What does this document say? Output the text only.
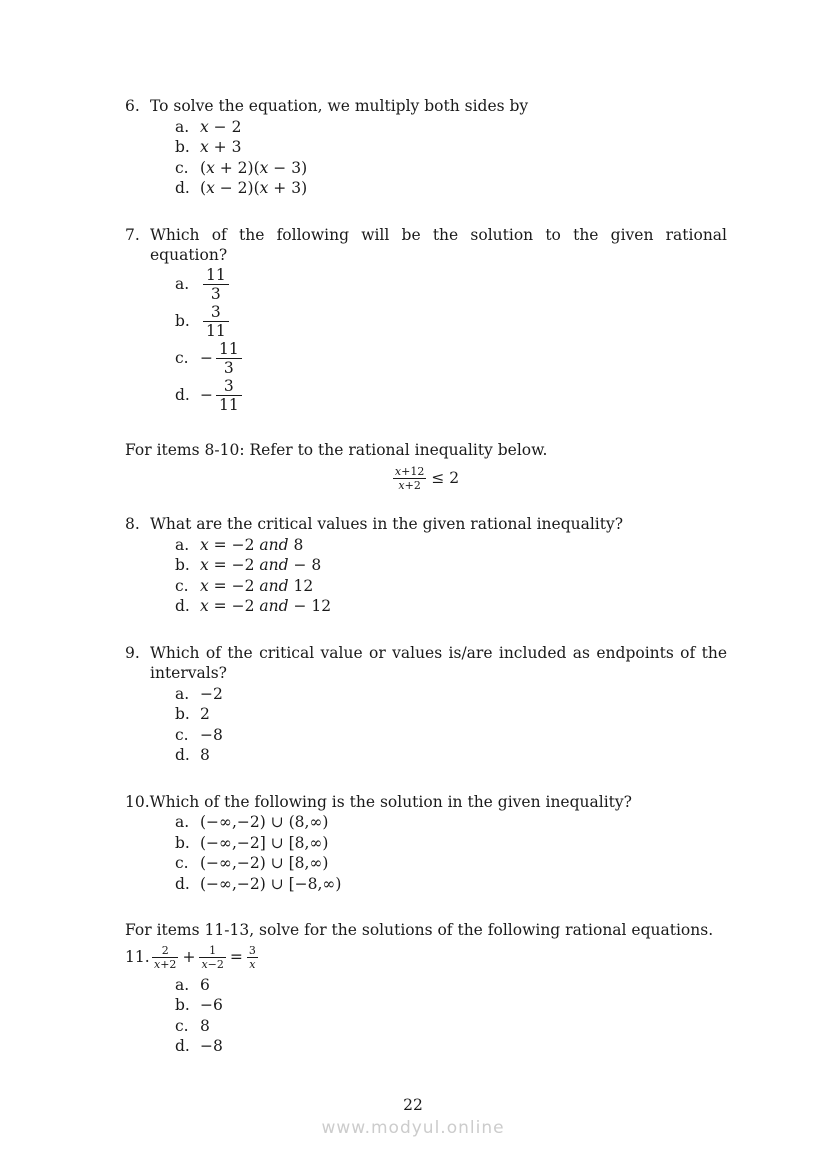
6. To solve the equation, we multiply both sides by
a. x − 2
b. x + 3
c. (x + 2)(x − 3)
d. (x − 2)(x + 3)
7. Which of the following will be the solution to the given rational equation?
a. $\frac{11}{3}$
b. $\frac{3}{11}$
c. − $\frac{11}{3}$
d. − $\frac{3}{11}$
For items 8-10: Refer to the rational inequality below.
$\frac{x+12}{x+2} \le 2$
8. What are the critical values in the given rational inequality?
a. x = −2 and 8
b. x = −2 and − 8
c. x = −2 and 12
d. x = −2 and − 12
9. Which of the critical value or values is/are included as endpoints of the intervals?
a. −2
b. 2
c. −8
d. 8
10.Which of the following is the solution in the given inequality?
a. (−∞,−2) ∪ (8,∞)
b. (−∞,−2] ∪ [8,∞)
c. (−∞,−2) ∪ [8,∞)
d. (−∞,−2) ∪ [−8,∞)
For items 11-13, solve for the solutions of the following rational equations.
11. $\frac{2}{x+2} + \frac{1}{x-2} = \frac{3}{x}$
a. 6
b. −6
c. 8
d. −8
22
www.modyul.online
